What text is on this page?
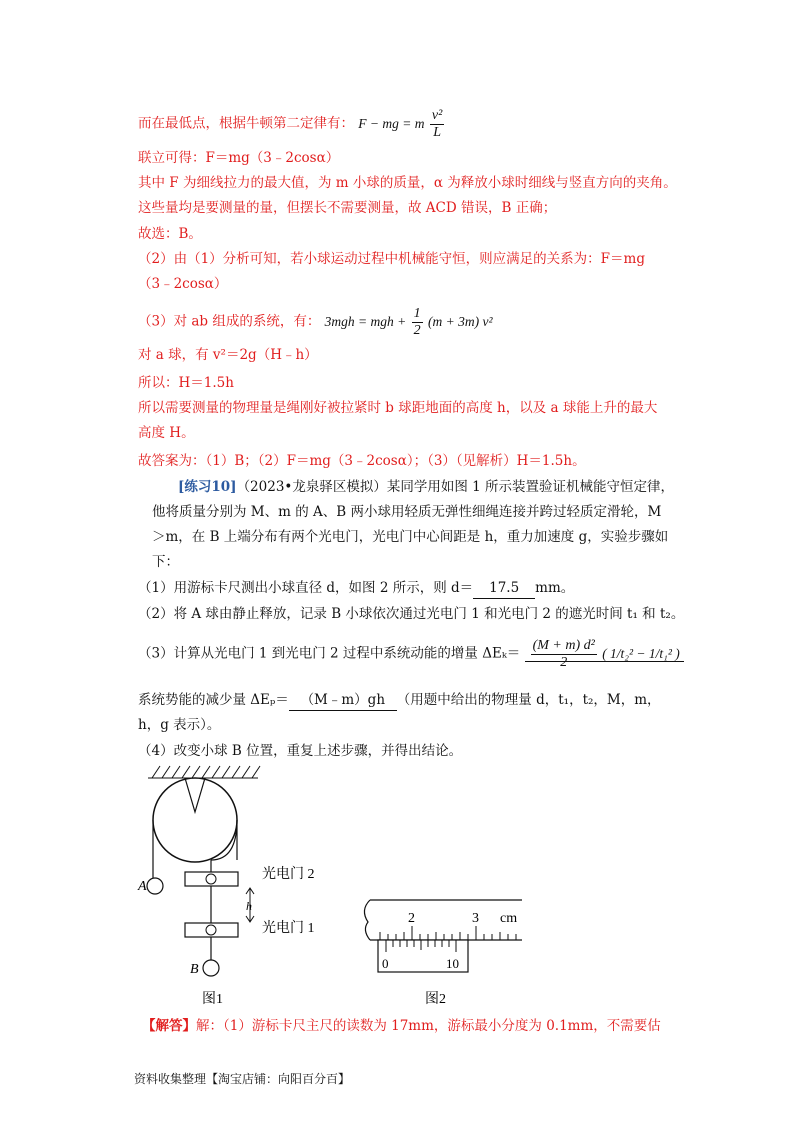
而在最低点，根据牛顿第二定律有： F − mg = m $\frac{\text{v²}}{L}$
联立可得：F＝mg（3﹣2cosα）
其中 F 为细线拉力的最大值，为 m 小球的质量，α 为释放小球时细线与竖直方向的夹角。
这些量均是要测量的量，但摆长不需要测量，故 ACD 错误，B 正确；
故选：B。
（2）由（1）分析可知，若小球运动过程中机械能守恒，则应满足的关系为：F＝mg
（3﹣2cosα）
（3）对 ab 组成的系统，有： 3mgh = mgh + $\frac{1}{2} (m + 3m)$ v²
对 a 球，有 v²＝2g（H﹣h）
所以：H＝1.5h
所以需要测量的物理量是绳刚好被拉紧时 b 球距地面的高度 h，以及 a 球能上升的最大
高度 H。
故答案为：（1）B；（2）F＝mg（3﹣2cosα）；（3）（见解析）H＝1.5h。
[练习10]（2023•龙泉驿区模拟）某同学用如图 1 所示装置验证机械能守恒定律，
他将质量分别为 M、m 的 A、B 两小球用轻质无弹性细绳连接并跨过轻质定滑轮，M
＞m，在 B 上端分布有两个光电门，光电门中心间距是 h，重力加速度 g，实验步骤如
下：
（1）用游标卡尺测出小球直径 d，如图 2 所示，则 d＝ 17.5 mm。
（2）将 A 球由静止释放，记录 B 小球依次通过光电门 1 和光电门 2 的遮光时间 t₁ 和 t₂。
（3）计算从光电门 1 到光电门 2 过程中系统动能的增量 $\Delta E_k= \frac{\text{(M + m) d²}}{2}$ ( 1/t₂² − 1/t₁² )
系统势能的减少量 ΔEₚ＝ （M﹣m）gh （用题中给出的物理量 d，t₁，t₂，M，m，
h，g 表示）。
（4）改变小球 B 位置，重复上述步骤，并得出结论。
A
光电门 2
h
光电门 1
B
图1
2	3 cm
0	10
图2
【解答】解：（1）游标卡尺主尺的读数为 17mm，游标最小分度为 0.1mm，不需要估
资料收集整理【淘宝店铺：向阳百分百】
